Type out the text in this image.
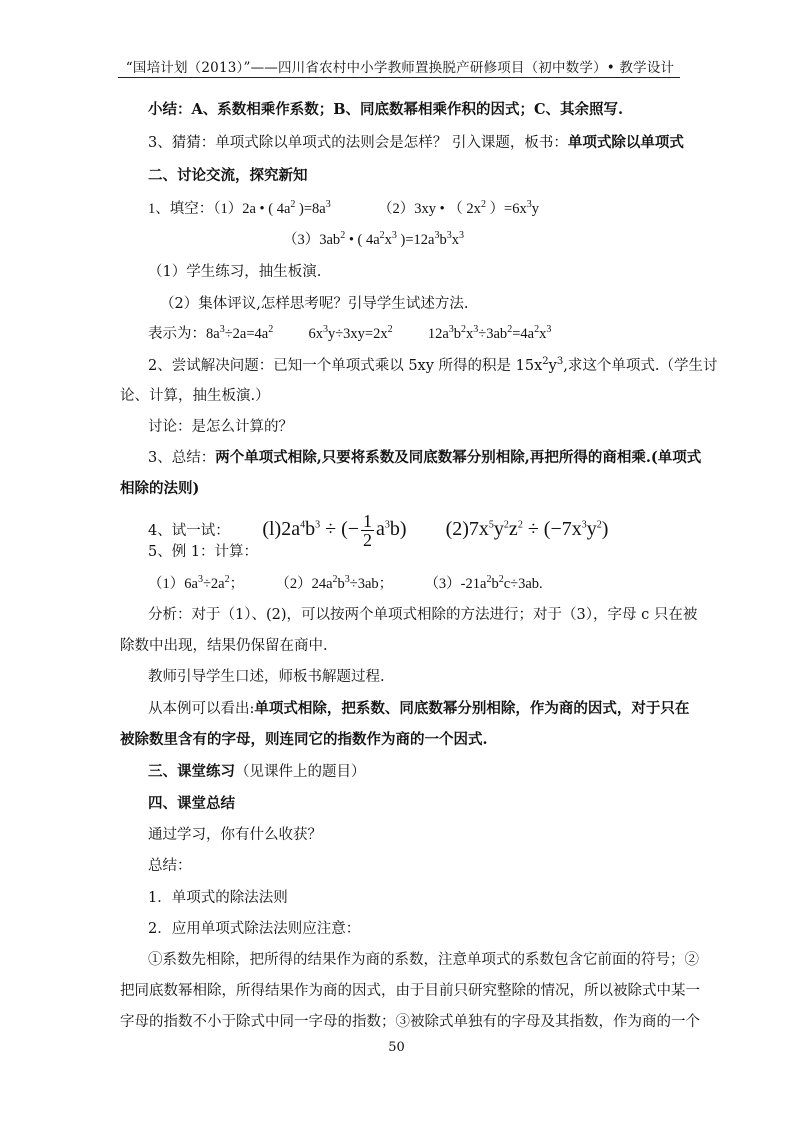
“国培计划（2013）”——四川省农村中小学教师置换脱产研修项目（初中数学）• 教学设计
小结：A、系数相乘作系数；B、同底数幂相乘作积的因式；C、其余照写.
3、猜猜：单项式除以单项式的法则会是怎样？ 引入课题，板书：单项式除以单项式
二、讨论交流，探究新知
1、填空：（1）2a • ( $4a^2$ )$=8a^3$	（2）3xy • （ $2x^2$ ）$=6x^3y$
$(3)3ab^2$ • ( $4a^2x^3$ )$=12a^3b^3x^3$
（1）学生练习，抽生板演.
（2）集体评议,怎样思考呢？引导学生试述方法.
表示为：$8a^3\div 2a=4a^2$ $6x^3y\div 3xy=2x^2$ $12a^3b^2x^3\div 3ab^2=4a^2x^3$
2、尝试解决问题：已知一个单项式乘以 5xy 所得的积是 $15x^2y^3$,求这个单项式.（学生讨
论、计算，抽生板演.）
讨论：是怎么计算的？
3、总结：两个单项式相除,只要将系数及同底数幂分别相除,再把所得的商相乘.(单项式
相除的法则)
4、试一试： $(l)2a^4b^3$ ÷ (− $\frac{1}{2} a^3b$) $(2)7x^5y^2z^2 \div (-7x^3y^2)$
5、例 1：计算：
$(1)6a^3\div 2a^2$； $(2)24a^2b^3\div 3ab$； $(3)-21a^2b^2c\div 3ab$.
分析：对于（1）、(2)，可以按两个单项式相除的方法进行；对于（3），字母 c 只在被
除数中出现，结果仍保留在商中.
教师引导学生口述，师板书解题过程.
从本例可以看出:单项式相除，把系数、同底数幂分别相除，作为商的因式，对于只在
被除数里含有的字母，则连同它的指数作为商的一个因式.
三、课堂练习（见课件上的题目）
四、课堂总结
通过学习，你有什么收获？
总结：
1．单项式的除法法则
2．应用单项式除法法则应注意：
①系数先相除，把所得的结果作为商的系数，注意单项式的系数包含它前面的符号；②
把同底数幂相除，所得结果作为商的因式，由于目前只研究整除的情况，所以被除式中某一
字母的指数不小于除式中同一字母的指数；③被除式单独有的字母及其指数，作为商的一个
50
